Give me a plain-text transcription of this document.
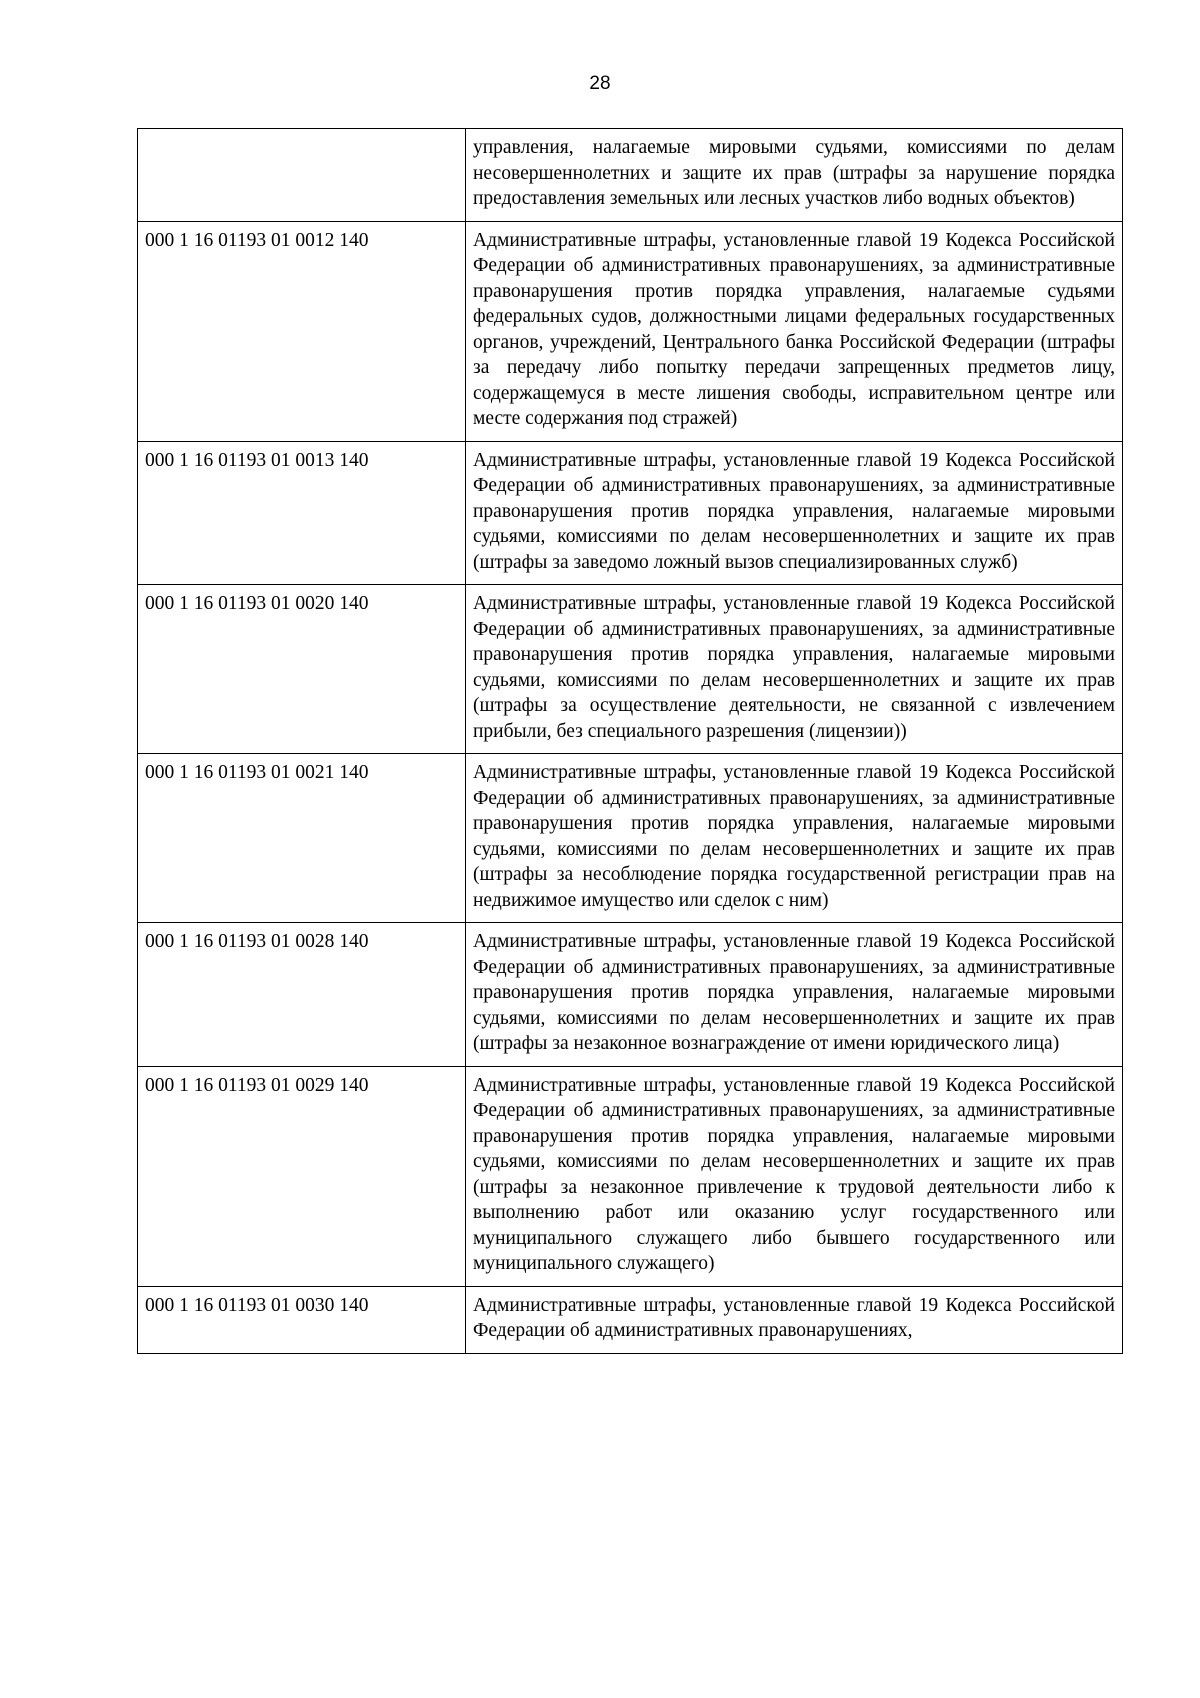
28
	управления, налагаемые мировыми судьями, комиссиями по делам несовершеннолетних и защите их прав (штрафы за нарушение порядка предоставления земельных или лесных участков либо водных объектов)
000 1 16 01193 01 0012 140	Административные штрафы, установленные главой 19 Кодекса Российской Федерации об административных правонарушениях, за административные правонарушения против порядка управления, налагаемые судьями федеральных судов, должностными лицами федеральных государственных органов, учреждений, Центрального банка Российской Федерации (штрафы за передачу либо попытку передачи запрещенных предметов лицу, содержащемуся в месте лишения свободы, исправительном центре или месте содержания под стражей)
000 1 16 01193 01 0013 140	Административные штрафы, установленные главой 19 Кодекса Российской Федерации об административных правонарушениях, за административные правонарушения против порядка управления, налагаемые мировыми судьями, комиссиями по делам несовершеннолетних и защите их прав (штрафы за заведомо ложный вызов специализированных служб)
000 1 16 01193 01 0020 140	Административные штрафы, установленные главой 19 Кодекса Российской Федерации об административных правонарушениях, за административные правонарушения против порядка управления, налагаемые мировыми судьями, комиссиями по делам несовершеннолетних и защите их прав (штрафы за осуществление деятельности, не связанной с извлечением прибыли, без специального разрешения (лицензии))
000 1 16 01193 01 0021 140	Административные штрафы, установленные главой 19 Кодекса Российской Федерации об административных правонарушениях, за административные правонарушения против порядка управления, налагаемые мировыми судьями, комиссиями по делам несовершеннолетних и защите их прав (штрафы за несоблюдение порядка государственной регистрации прав на недвижимое имущество или сделок с ним)
000 1 16 01193 01 0028 140	Административные штрафы, установленные главой 19 Кодекса Российской Федерации об административных правонарушениях, за административные правонарушения против порядка управления, налагаемые мировыми судьями, комиссиями по делам несовершеннолетних и защите их прав (штрафы за незаконное вознаграждение от имени юридического лица)
000 1 16 01193 01 0029 140	Административные штрафы, установленные главой 19 Кодекса Российской Федерации об административных правонарушениях, за административные правонарушения против порядка управления, налагаемые мировыми судьями, комиссиями по делам несовершеннолетних и защите их прав (штрафы за незаконное привлечение к трудовой деятельности либо к выполнению работ или оказанию услуг государственного или муниципального служащего либо бывшего государственного или муниципального служащего)
000 1 16 01193 01 0030 140	Административные штрафы, установленные главой 19 Кодекса Российской Федерации об административных правонарушениях,
